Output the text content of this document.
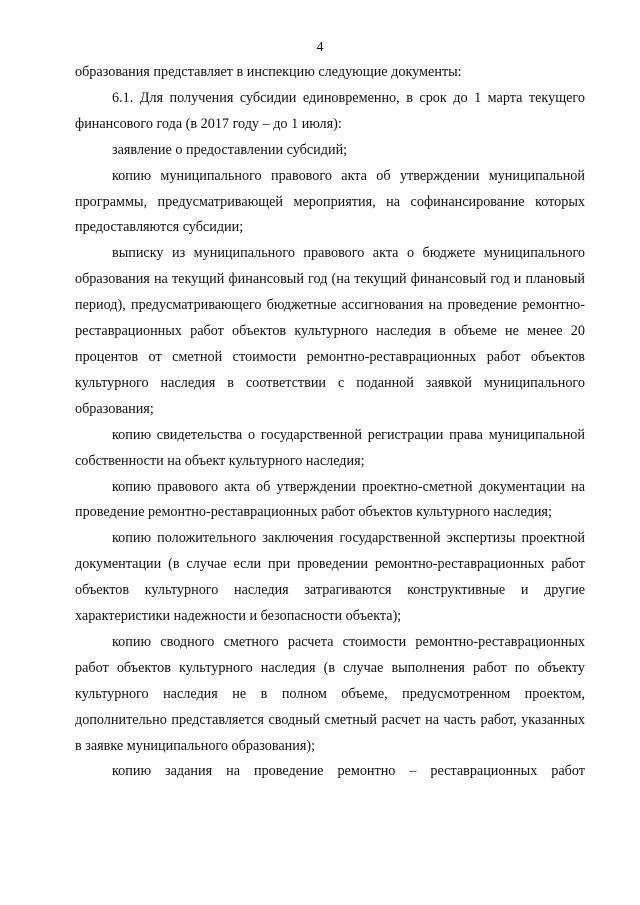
4

образования представляет в инспекцию следующие документы:

6.1. Для получения субсидии единовременно, в срок до 1 марта текущего финансового года (в 2017 году – до 1 июля):

заявление о предоставлении субсидий;

копию муниципального правового акта об утверждении муниципальной программы, предусматривающей мероприятия, на софинансирование которых предоставляются субсидии;

выписку из муниципального правового акта о бюджете муниципального образования на текущий финансовый год (на текущий финансовый год и плановый период), предусматривающего бюджетные ассигнования на проведение ремонтно-реставрационных работ объектов культурного наследия в объеме не менее 20 процентов от сметной стоимости ремонтно-реставрационных работ объектов культурного наследия в соответствии с поданной заявкой муниципального образования;

копию свидетельства о государственной регистрации права муниципальной собственности на объект культурного наследия;

копию правового акта об утверждении проектно-сметной документации на проведение ремонтно-реставрационных работ объектов культурного наследия;

копию положительного заключения государственной экспертизы проектной документации (в случае если при проведении ремонтно-реставрационных работ объектов культурного наследия затрагиваются конструктивные и другие характеристики надежности и безопасности объекта);

копию сводного сметного расчета стоимости ремонтно-реставрационных работ объектов культурного наследия (в случае выполнения работ по объекту культурного наследия не в полном объеме, предусмотренном проектом, дополнительно представляется сводный сметный расчет на часть работ, указанных в заявке муниципального образования);

копию задания на проведение ремонтно – реставрационных работ
